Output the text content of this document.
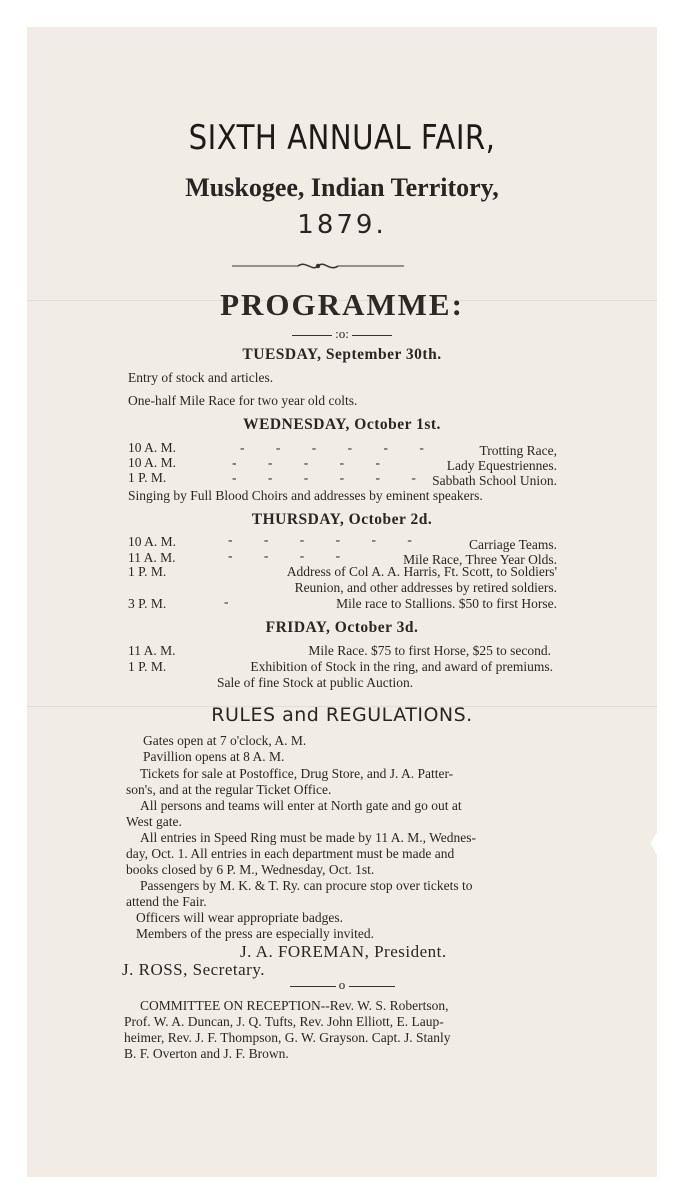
SIXTH ANNUAL FAIR,
Muskogee, Indian Territory,
1879.
PROGRAMME:
:o:
TUESDAY, September 30th.
Entry of stock and articles.
One-half Mile Race for two year old colts.
WEDNESDAY, October 1st.
10 A. M.	- - - - - -	Trotting Race,
10 A. M.	- - - - -	Lady Equestriennes.
1 P. M.	- - - - - - Sabbath School Union.
Singing by Full Blood Choirs and addresses by eminent speakers.
THURSDAY, October 2d.
10 A. M.	- - - - - -	Carriage Teams.
11 A. M.	- - - -	Mile Race, Three Year Olds.
1 P. M.	Address of Col A. A. Harris, Ft. Scott, to Soldiers'
Reunion, and other addresses by retired soldiers.
3 P. M.	-	Mile race to Stallions. $50 to first Horse.
FRIDAY, October 3d.
11 A. M.	Mile Race. $75 to first Horse, $25 to second.
1 P. M.	Exhibition of Stock in the ring, and award of premiums.
Sale of fine Stock at public Auction.
RULES and REGULATIONS.
Gates open at 7 o'clock, A. M.
Pavillion opens at 8 A. M.
Tickets for sale at Postoffice, Drug Store, and J. A. Patter-
son's, and at the regular Ticket Office.
All persons and teams will enter at North gate and go out at
West gate.
All entries in Speed Ring must be made by 11 A. M., Wednes-
day, Oct. 1. All entries in each department must be made and
books closed by 6 P. M., Wednesday, Oct. 1st.
Passengers by M. K. & T. Ry. can procure stop over tickets to
attend the Fair.
Officers will wear appropriate badges.
Members of the press are especially invited.
J. A. FOREMAN, President.
J. ROSS, Secretary.
o
COMMITTEE ON RECEPTION--Rev. W. S. Robertson,
Prof. W. A. Duncan, J. Q. Tufts, Rev. John Elliott, E. Laup-
heimer, Rev. J. F. Thompson, G. W. Grayson. Capt. J. Stanly
B. F. Overton and J. F. Brown.
